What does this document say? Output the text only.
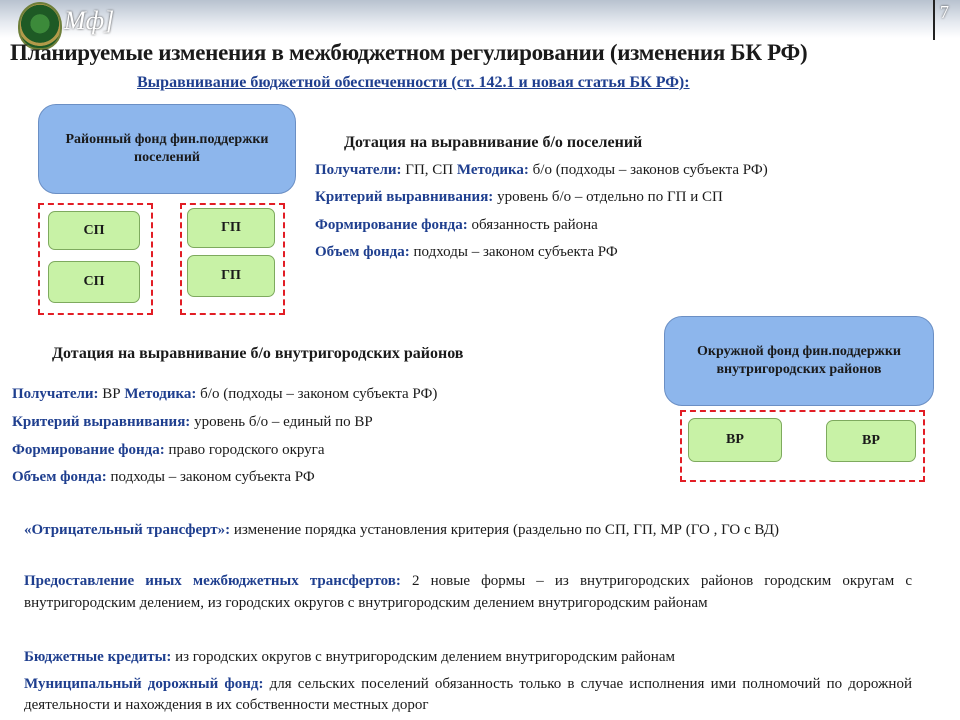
Мф]	7
Планируемые изменения в межбюджетном регулировании (изменения БК РФ)
Выравнивание бюджетной обеспеченности (ст. 142.1 и новая статья БК РФ):
Районный фонд фин.поддержки поселений
СП
СП
ГП
ГП
Дотация на выравнивание б/о поселений
Получатели: ГП, СП Методика: б/о (подходы – законов субъекта РФ)
Критерий выравнивания: уровень б/о – отдельно по ГП и СП
Формирование фонда: обязанность района
Объем фонда: подходы – законом субъекта РФ
Окружной фонд фин.поддержки внутригородских районов
ВР	ВР
Дотация на выравнивание б/о внутригородских районов
Получатели: ВР Методика: б/о (подходы – законом субъекта РФ)
Критерий выравнивания: уровень б/о – единый по ВР
Формирование фонда: право городского округа
Объем фонда: подходы – законом субъекта РФ
«Отрицательный трансферт»: изменение порядка установления критерия (раздельно по СП, ГП, МР (ГО , ГО с ВД)
Предоставление иных межбюджетных трансфертов: 2 новые формы – из внутригородских районов городским округам с внутригородским делением, из городских округов с внутригородским делением внутригородским районам
Бюджетные кредиты: из городских округов с внутригородским делением внутригородским районам
Муниципальный дорожный фонд: для сельских поселений обязанность только в случае исполнения ими полномочий по дорожной деятельности и нахождения в их собственности местных дорог
